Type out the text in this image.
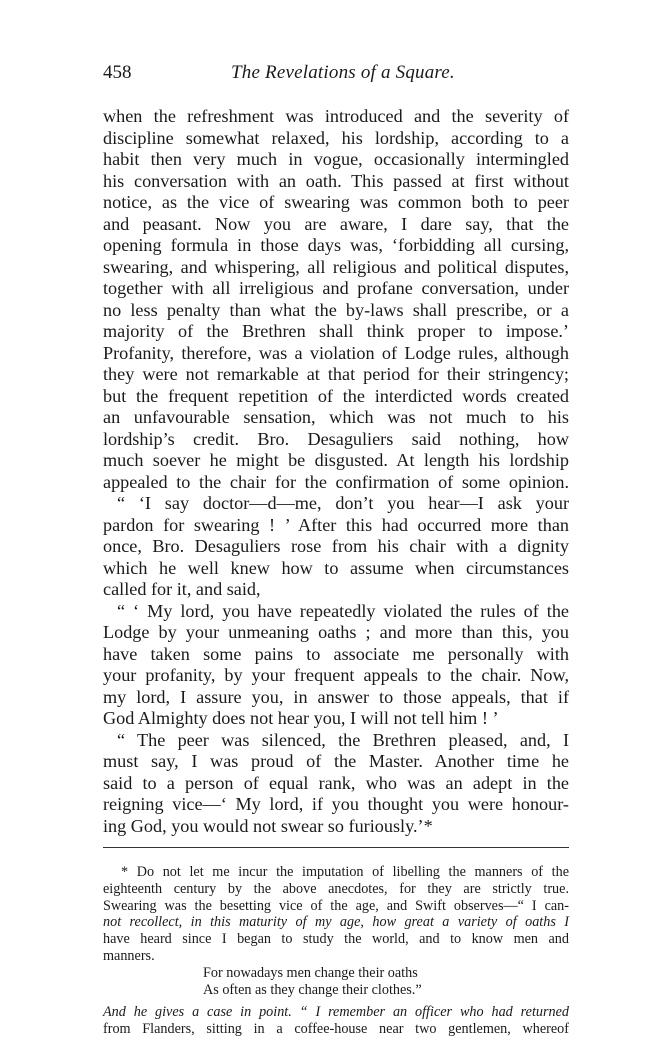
458	The Revelations of a Square.
when the refreshment was introduced and the severity of
discipline somewhat relaxed, his lordship, according to a
habit then very much in vogue, occasionally intermingled
his conversation with an oath. This passed at first without
notice, as the vice of swearing was common both to peer
and peasant. Now you are aware, I dare say, that the
opening formula in those days was, ‘forbidding all cursing,
swearing, and whispering, all religious and political disputes,
together with all irreligious and profane conversation, under
no less penalty than what the by-laws shall prescribe, or a
majority of the Brethren shall think proper to impose.’
Profanity, therefore, was a violation of Lodge rules, although
they were not remarkable at that period for their stringency;
but the frequent repetition of the interdicted words created
an unfavourable sensation, which was not much to his
lordship’s credit. Bro. Desaguliers said nothing, how
much soever he might be disgusted. At length his lordship
appealed to the chair for the confirmation of some opinion.
“ ‘I say doctor—d—me, don’t you hear—I ask your
pardon for swearing ! ’ After this had occurred more than
once, Bro. Desaguliers rose from his chair with a dignity
which he well knew how to assume when circumstances
called for it, and said,
“ ‘ My lord, you have repeatedly violated the rules of the
Lodge by your unmeaning oaths ; and more than this, you
have taken some pains to associate me personally with
your profanity, by your frequent appeals to the chair. Now,
my lord, I assure you, in answer to those appeals, that if
God Almighty does not hear you, I will not tell him ! ’
“ The peer was silenced, the Brethren pleased, and, I
must say, I was proud of the Master. Another time he
said to a person of equal rank, who was an adept in the
reigning vice—‘ My lord, if you thought you were honour-
ing God, you would not swear so furiously.’*
* Do not let me incur the imputation of libelling the manners of the
eighteenth century by the above anecdotes, for they are strictly true.
Swearing was the besetting vice of the age, and Swift observes—“ I can-
not recollect, in this maturity of my age, how great a variety of oaths I
have heard since I began to study the world, and to know men and
manners.
For nowadays men change their oaths
As often as they change their clothes.”
And he gives a case in point. “ I remember an officer who had returned
from Flanders, sitting in a coffee-house near two gentlemen, whereof
